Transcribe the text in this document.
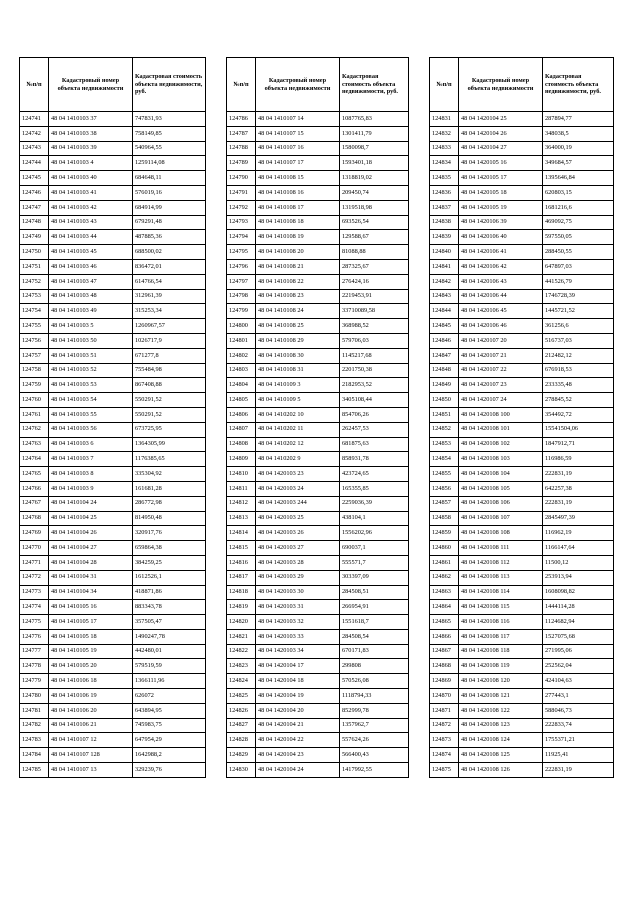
№п/п	Кадастровый номер объекта недвижимости	Кадастровая стоимость объекта недвижимости, руб.
124741	48 04 1410103 37	747831,93
124742	48 04 1410103 38	758149,85
124743	48 04 1410103 39	540964,55
124744	48 04 1410103 4	1259114,08
124745	48 04 1410103 40	684648,11
124746	48 04 1410103 41	576019,16
124747	48 04 1410103 42	684914,99
124748	48 04 1410103 43	679291,48
124749	48 04 1410103 44	487885,36
124750	48 04 1410103 45	688500,02
124751	48 04 1410103 46	836472,01
124752	48 04 1410103 47	614766,54
124753	48 04 1410103 48	312961,39
124754	48 04 1410103 49	315253,34
124755	48 04 1410103 5	1260967,57
124756	48 04 1410103 50	1026717,9
124757	48 04 1410103 51	671277,8
124758	48 04 1410103 52	755484,98
124759	48 04 1410103 53	867408,88
124760	48 04 1410103 54	550291,52
124761	48 04 1410103 55	550291,52
124762	48 04 1410103 56	673725,95
124763	48 04 1410103 6	1364305,99
124764	48 04 1410103 7	1176385,65
124765	48 04 1410103 8	335304,92
124766	48 04 1410103 9	161681,28
124767	48 04 1410104 24	286772,98
124768	48 04 1410104 25	814950,48
124769	48 04 1410104 26	320917,76
124770	48 04 1410104 27	659864,38
124771	48 04 1410104 28	384259,25
124772	48 04 1410104 31	1612526,1
124773	48 04 1410104 34	418871,86
124774	48 04 1410105 16	883343,78
124775	48 04 1410105 17	357505,47
124776	48 04 1410105 18	1490247,78
124777	48 04 1410105 19	442480,01
124778	48 04 1410105 20	579519,59
124779	48 04 1410106 18	1366111,96
124780	48 04 1410106 19	626072
124781	48 04 1410106 20	643894,95
124782	48 04 1410106 21	745983,75
124783	48 04 1410107 12	647954,29
124784	48 04 1410107 128	1642988,2
124785	48 04 1410107 13	329239,76
№п/п	Кадастровый номер объекта недвижимости	Кадастровая стоимость объекта недвижимости, руб.
124786	48 04 1410107 14	1087765,83
124787	48 04 1410107 15	1301411,79
124788	48 04 1410107 16	1580098,7
124789	48 04 1410107 17	1593401,18
124790	48 04 1410108 15	1318819,02
124791	48 04 1410108 16	209450,74
124792	48 04 1410108 17	1319518,98
124793	48 04 1410108 18	693526,54
124794	48 04 1410108 19	129588,67
124795	48 04 1410108 20	81088,88
124796	48 04 1410108 21	287325,67
124797	48 04 1410108 22	276424,16
124798	48 04 1410108 23	2219453,91
124799	48 04 1410108 24	33710089,58
124800	48 04 1410108 25	368988,52
124801	48 04 1410108 29	579706,03
124802	48 04 1410108 30	1145217,68
124803	48 04 1410108 31	2201750,38
124804	48 04 1410109 3	2182953,52
124805	48 04 1410109 5	3405108,44
124806	48 04 1410202 10	854706,26
124807	48 04 1410202 11	262457,53
124808	48 04 1410202 12	681875,63
124809	48 04 1410202 9	858931,78
124810	48 04 1420103 23	423724,65
124811	48 04 1420103 24	165355,85
124812	48 04 1420103 244	2259036,39
124813	48 04 1420103 25	438104,1
124814	48 04 1420103 26	1556202,96
124815	48 04 1420103 27	690037,1
124816	48 04 1420103 28	555571,7
124817	48 04 1420103 29	303397,09
124818	48 04 1420103 30	284508,51
124819	48 04 1420103 31	266954,91
124820	48 04 1420103 32	1551618,7
124821	48 04 1420103 33	284508,54
124822	48 04 1420103 34	670171,83
124823	48 04 1420104 17	299808
124824	48 04 1420104 18	570526,08
124825	48 04 1420104 19	1118794,33
124826	48 04 1420104 20	852999,78
124827	48 04 1420104 21	1357962,7
124828	48 04 1420104 22	557624,26
124829	48 04 1420104 23	566400,43
124830	48 04 1420104 24	1417992,55
№п/п	Кадастровый номер объекта недвижимости	Кадастровая стоимость объекта недвижимости, руб.
124831	48 04 1420104 25	287894,77
124832	48 04 1420104 26	348038,5
124833	48 04 1420104 27	364000,19
124834	48 04 1420105 16	349684,57
124835	48 04 1420105 17	1395646,84
124836	48 04 1420105 18	620803,15
124837	48 04 1420105 19	1681216,6
124838	48 04 1420106 39	469092,75
124839	48 04 1420106 40	597550,05
124840	48 04 1420106 41	288450,55
124841	48 04 1420106 42	647897,03
124842	48 04 1420106 43	441526,79
124843	48 04 1420106 44	1746728,39
124844	48 04 1420106 45	1445721,52
124845	48 04 1420106 46	361256,6
124846	48 04 1420107 20	516737,03
124847	48 04 1420107 21	212482,12
124848	48 04 1420107 22	676918,53
124849	48 04 1420107 23	233335,48
124850	48 04 1420107 24	278845,52
124851	48 04 1420108 100	354492,72
124852	48 04 1420108 101	15541504,06
124853	48 04 1420108 102	1847912,71
124854	48 04 1420108 103	116986,59
124855	48 04 1420108 104	222831,19
124856	48 04 1420108 105	642257,38
124857	48 04 1420108 106	222831,19
124858	48 04 1420108 107	2845497,39
124859	48 04 1420108 108	116962,19
124860	48 04 1420108 111	1166147,64
124861	48 04 1420108 112	11500,12
124862	48 04 1420108 113	253913,94
124863	48 04 1420108 114	1608098,82
124864	48 04 1420108 115	1444114,28
124865	48 04 1420108 116	1124682,94
124866	48 04 1420108 117	1527075,68
124867	48 04 1420108 118	271995,06
124868	48 04 1420108 119	252562,04
124869	48 04 1420108 120	424104,63
124870	48 04 1420108 121	277443,1
124871	48 04 1420108 122	588046,73
124872	48 04 1420108 123	222833,74
124873	48 04 1420108 124	1755371,21
124874	48 04 1420108 125	11925,41
124875	48 04 1420108 126	222831,19
